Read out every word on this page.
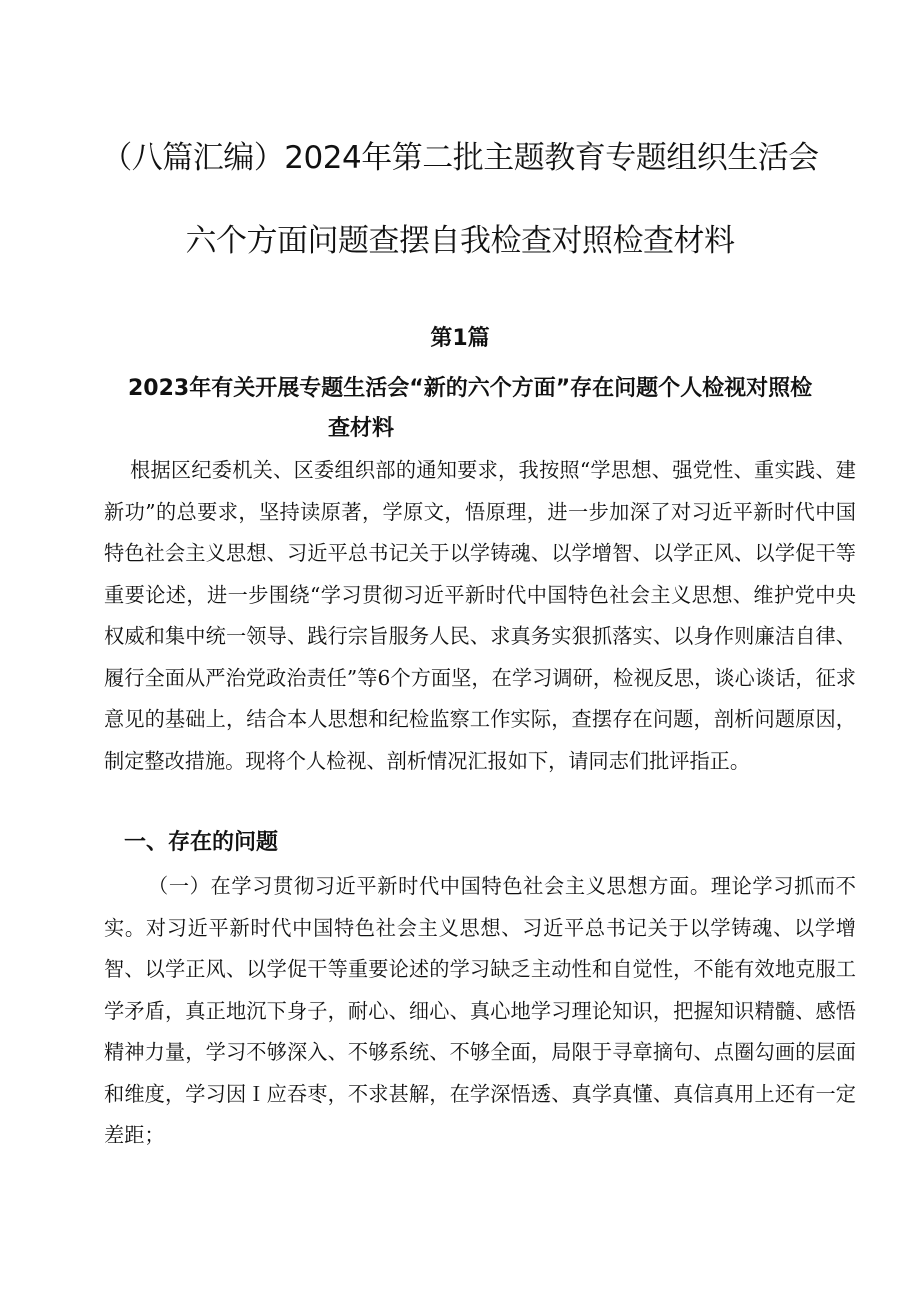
（八篇汇编）2024年第二批主题教育专题组织生活会
六个方面问题查摆自我检查对照检查材料
第1篇
2023年有关开展专题生活会“新的六个方面”存在问题个人检视对照检
查材料

根据区纪委机关、区委组织部的通知要求，我按照“学思想、强党性、重实践、建新功”的总要求，坚持读原著，学原文，悟原理，进一步加深了对习近平新时代中国特色社会主义思想、习近平总书记关于以学铸魂、以学增智、以学正风、以学促干等重要论述，进一步围绕“学习贯彻习近平新时代中国特色社会主义思想、维护党中央权威和集中统一领导、践行宗旨服务人民、求真务实狠抓落实、以身作则廉洁自律、履行全面从严治党政治责任”等6个方面坚，在学习调研，检视反思，谈心谈话，征求意见的基础上，结合本人思想和纪检监察工作实际，查摆存在问题，剖析问题原因，制定整改措施。现将个人检视、剖析情况汇报如下，请同志们批评指正。

一、存在的问题

（一）在学习贯彻习近平新时代中国特色社会主义思想方面。理论学习抓而不实。对习近平新时代中国特色社会主义思想、习近平总书记关于以学铸魂、以学增智、以学正风、以学促干等重要论述的学习缺乏主动性和自觉性，不能有效地克服工学矛盾，真正地沉下身子，耐心、细心、真心地学习理论知识，把握知识精髓、感悟精神力量，学习不够深入、不够系统、不够全面，局限于寻章摘句、点圈勾画的层面和维度，学习因Ｉ应吞枣，不求甚解，在学深悟透、真学真懂、真信真用上还有一定差距；
